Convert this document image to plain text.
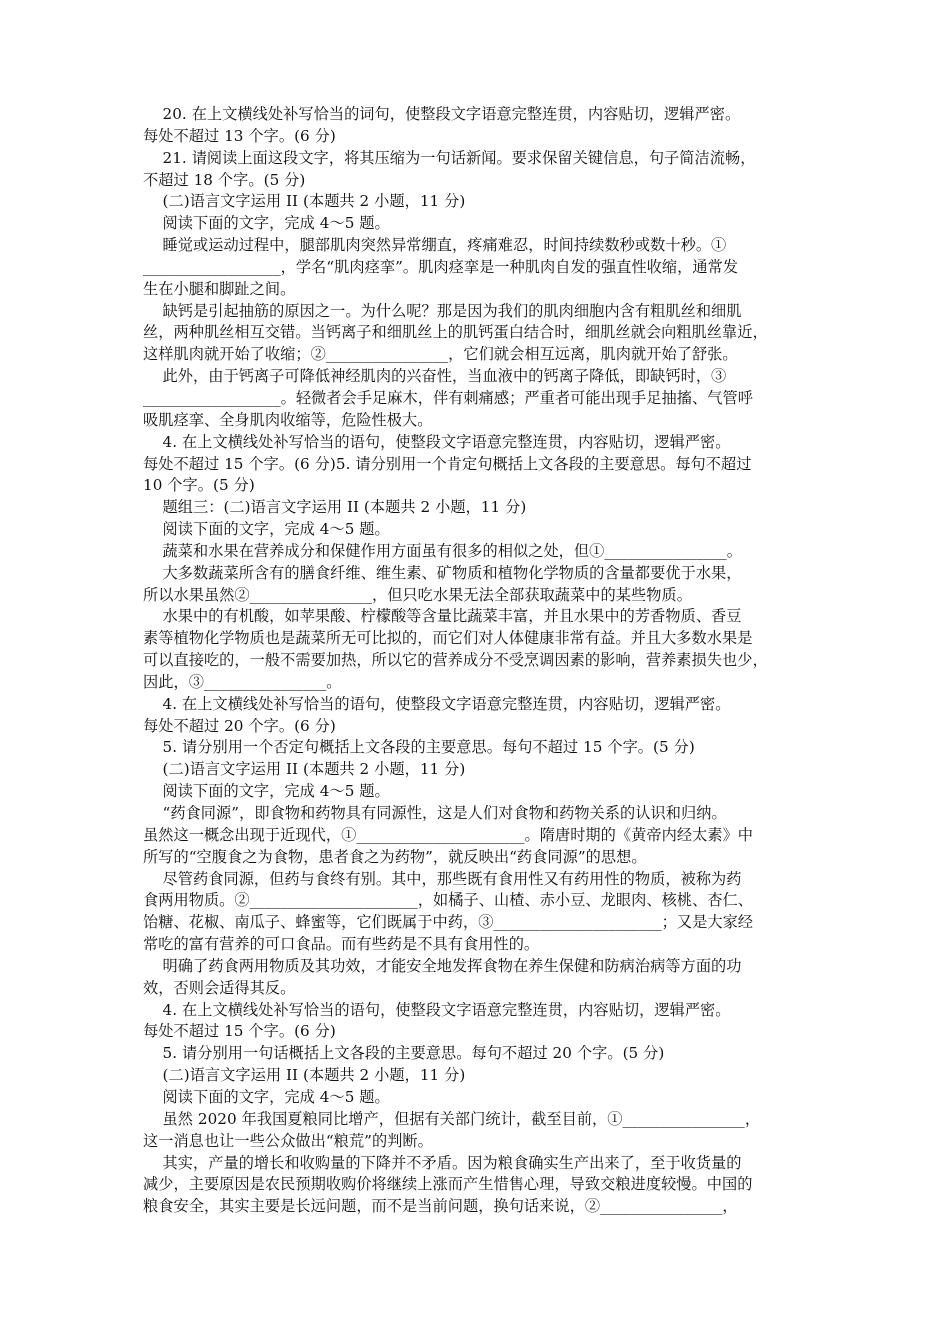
20. 在上文横线处补写恰当的词句，使整段文字语意完整连贯，内容贴切，逻辑严密。
每处不超过 13 个字。(6 分)
21. 请阅读上面这段文字，将其压缩为一句话新闻。要求保留关键信息，句子简洁流畅，
不超过 18 个字。(5 分)
(二)语言文字运用 II (本题共 2 小题，11 分)
阅读下面的文字，完成 4～5 题。
睡觉或运动过程中，腿部肌肉突然异常绷直，疼痛难忍，时间持续数秒或数十秒。①
__________________，学名“肌肉痉挛”。肌肉痉挛是一种肌肉自发的强直性收缩，通常发
生在小腿和脚趾之间。
缺钙是引起抽筋的原因之一。为什么呢？那是因为我们的肌肉细胞内含有粗肌丝和细肌
丝，两种肌丝相互交错。当钙离子和细肌丝上的肌钙蛋白结合时，细肌丝就会向粗肌丝靠近，
这样肌肉就开始了收缩；②________________，它们就会相互远离，肌肉就开始了舒张。
此外，由于钙离子可降低神经肌肉的兴奋性，当血液中的钙离子降低，即缺钙时，③
__________________。轻微者会手足麻木，伴有刺痛感；严重者可能出现手足抽搐、气管呼
吸肌痉挛、全身肌肉收缩等，危险性极大。
4. 在上文横线处补写恰当的语句，使整段文字语意完整连贯，内容贴切，逻辑严密。
每处不超过 15 个字。(6 分)5. 请分别用一个肯定句概括上文各段的主要意思。每句不超过
10 个字。(5 分)
题组三：(二)语言文字运用 II (本题共 2 小题，11 分)
阅读下面的文字，完成 4～5 题。
蔬菜和水果在营养成分和保健作用方面虽有很多的相似之处，但①________________。
大多数蔬菜所含有的膳食纤维、维生素、矿物质和植物化学物质的含量都要优于水果，
所以水果虽然②________________，但只吃水果无法全部获取蔬菜中的某些物质。
水果中的有机酸，如苹果酸、柠檬酸等含量比蔬菜丰富，并且水果中的芳香物质、香豆
素等植物化学物质也是蔬菜所无可比拟的，而它们对人体健康非常有益。并且大多数水果是
可以直接吃的，一般不需要加热，所以它的营养成分不受烹调因素的影响，营养素损失也少，
因此，③________________。
4. 在上文横线处补写恰当的语句，使整段文字语意完整连贯，内容贴切，逻辑严密。
每处不超过 20 个字。(6 分)
5. 请分别用一个否定句概括上文各段的主要意思。每句不超过 15 个字。(5 分)
(二)语言文字运用 II (本题共 2 小题，11 分)
阅读下面的文字，完成 4～5 题。
“药食同源”，即食物和药物具有同源性，这是人们对食物和药物关系的认识和归纳。
虽然这一概念出现于近现代，①______________________。隋唐时期的《黄帝内经太素》中
所写的“空腹食之为食物，患者食之为药物”，就反映出“药食同源”的思想。
尽管药食同源，但药与食终有别。其中，那些既有食用性又有药用性的物质，被称为药
食两用物质。②______________________，如橘子、山楂、赤小豆、龙眼肉、核桃、杏仁、
饴糖、花椒、南瓜子、蜂蜜等，它们既属于中药，③______________________；又是大家经
常吃的富有营养的可口食品。而有些药是不具有食用性的。
明确了药食两用物质及其功效，才能安全地发挥食物在养生保健和防病治病等方面的功
效，否则会适得其反。
4. 在上文横线处补写恰当的语句，使整段文字语意完整连贯，内容贴切，逻辑严密。
每处不超过 15 个字。(6 分)
5. 请分别用一句话概括上文各段的主要意思。每句不超过 20 个字。(5 分)
(二)语言文字运用 II (本题共 2 小题，11 分)
阅读下面的文字，完成 4～5 题。
虽然 2020 年我国夏粮同比增产，但据有关部门统计，截至目前，①________________，
这一消息也让一些公众做出“粮荒”的判断。
其实，产量的增长和收购量的下降并不矛盾。因为粮食确实生产出来了，至于收货量的
减少，主要原因是农民预期收购价将继续上涨而产生惜售心理，导致交粮进度较慢。中国的
粮食安全，其实主要是长远问题，而不是当前问题，换句话来说，②________________，
